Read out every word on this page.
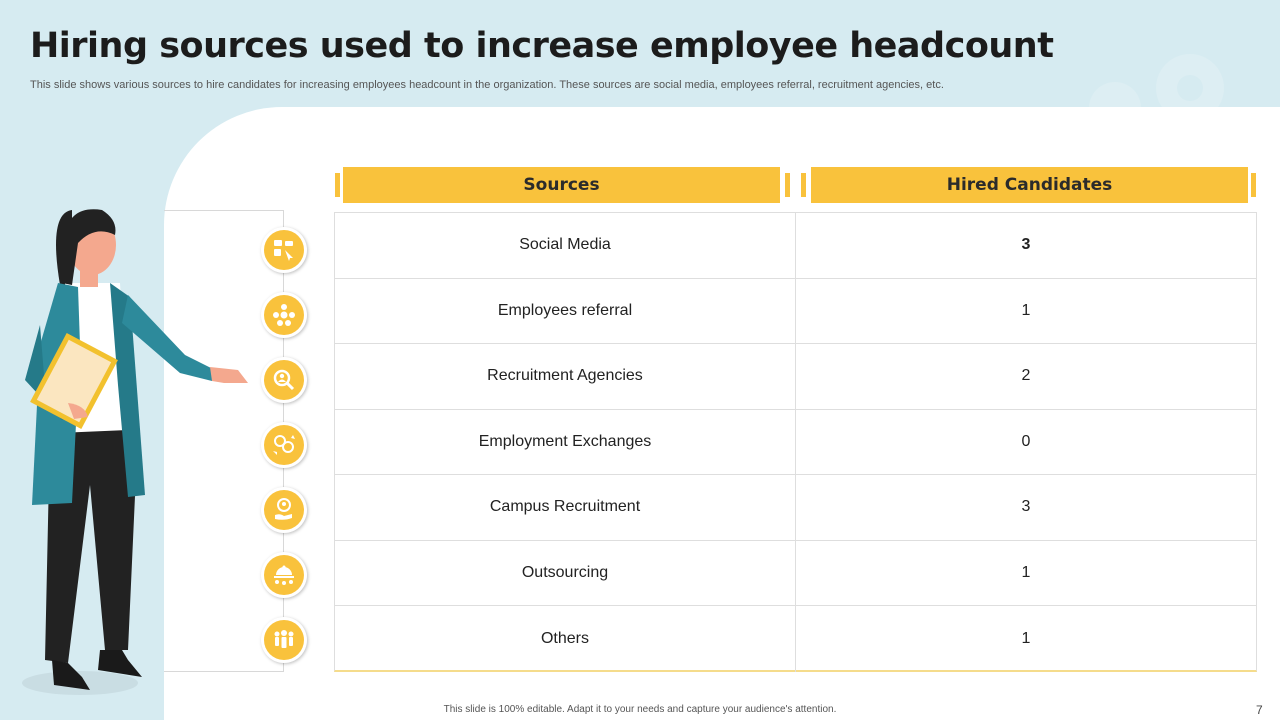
Hiring sources used to increase employee headcount
This slide shows various sources to hire candidates for increasing employees headcount in the organization. These sources are social media, employees referral, recruitment agencies, etc.
Sources	Hired Candidates
Social Media	3
Employees referral	1
Recruitment Agencies	2
Employment Exchanges	0
Campus Recruitment	3
Outsourcing	1
Others	1
This slide is 100% editable. Adapt it to your needs and capture your audience's attention.	7
